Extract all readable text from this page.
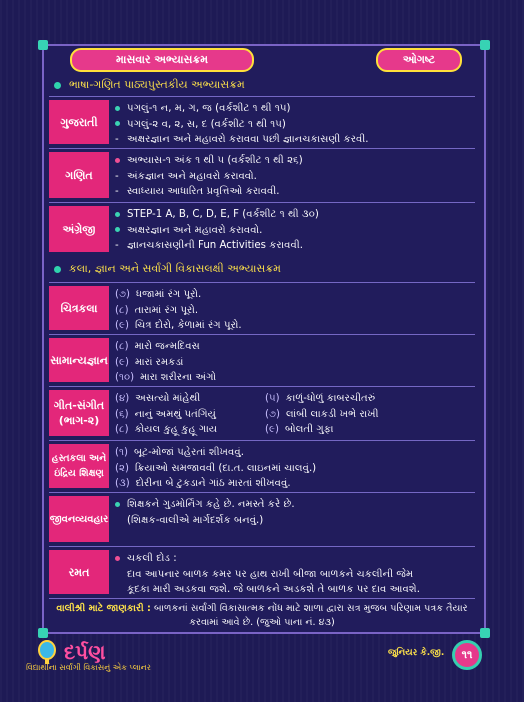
માસવાર અભ્યાસક્રમ	ઓગષ્ટ
ભાષા-ગણિત પાઠ્યપુસ્તકીય અભ્યાસક્રમ
ગુજરાતી
પગલું-૧ ન, મ, ગ, જ (વર્કશીટ ૧ થી ૧૫)
પગલું-૨ વ, ૨, સ, દ (વર્કશીટ ૧ થી ૧૫)
- અક્ષરજ્ઞાન અને મહાવરો કરાવવા પછી જ્ઞાનચકાસણી કરવી.
ગણિત
અભ્યાસ-૧ અંક ૧ થી ૫ (વર્કશીટ ૧ થી ૨૬)
- અંકજ્ઞાન અને મહાવરો કરાવવો.
- સ્વાધ્યાય આધારિત પ્રવૃત્તિઓ કરાવવી.
અંગ્રેજી
STEP-1 A, B, C, D, E, F (વર્કશીટ ૧ થી ૩૦)
અક્ષરજ્ઞાન અને મહાવરો કરાવવો.
- જ્ઞાનચકાસણીની Fun Activities કરાવવી.
કલા, જ્ઞાન અને સર્વાંગી વિકાસલક્ષી અભ્યાસક્રમ
ચિત્રકલા
(૭) ધજામાં રંગ પૂરો.
(૮) તારામાં રંગ પૂરો.
(૯) ચિત્ર દોરો, કેળામાં રંગ પૂરો.
સામાન્યજ્ઞાન
(૮) મારો જન્મદિવસ
(૯) મારાં રમકડાં
(૧૦) મારા શરીરના અંગો
ગીત-સંગીત (ભાગ-૨)
(૪) અસત્યો માંહેથી	(૫) કાળું-ધોળું કાબરચીતરું
(૬) નાનું અમથું પતંગિયું	(૭) લાંબી લાકડી ખભે રાખી
(૮) કોયલ કુહૂ કુહૂ ગાય	(૯) બોલતી ગુફા
હસ્તકલા અને ઇંદ્રિય શિક્ષણ
(૧) બૂટ-મોજાં પહેરતાં શીખવવું.
(૨) ક્રિયાઓ સમજાવવી (દા.ત. લાઇનમાં ચાલવું.)
(૩) દોરીના બે ટુકડાને ગાંઠ મારતાં શીખવવું.
જીવનવ્યવહાર
શિક્ષકને ગુડમોર્નિંગ કહે છે. નમસ્તે કરે છે.
(શિક્ષક-વાલીએ માર્ગદર્શક બનવું.)
રમત
ચકલી દોડ :
દાવ આપનાર બાળક કમર પર હાથ રાખી બીજા બાળકને ચકલીની જેમ
કૂદકા મારી અડકવા જશે. જે બાળકને અડકશે તે બાળક પર દાવ આવશે.
વાલીશ્રી માટે જાણકારી : બાળકનાં સર્વાંગી વિકાસાત્મક નોંધ માટે શાળા દ્વારા સત્ર મુજબ પરિણામ પત્રક તૈયાર
કરવામાં આવે છે. (જુઓ પાના નં. ૪૩)
દર્પણ
વિદ્યાર્થીના સર્વાંગી વિકાસનું એક પ્લાનર
જુનિયર કે.જી.	૧૧
